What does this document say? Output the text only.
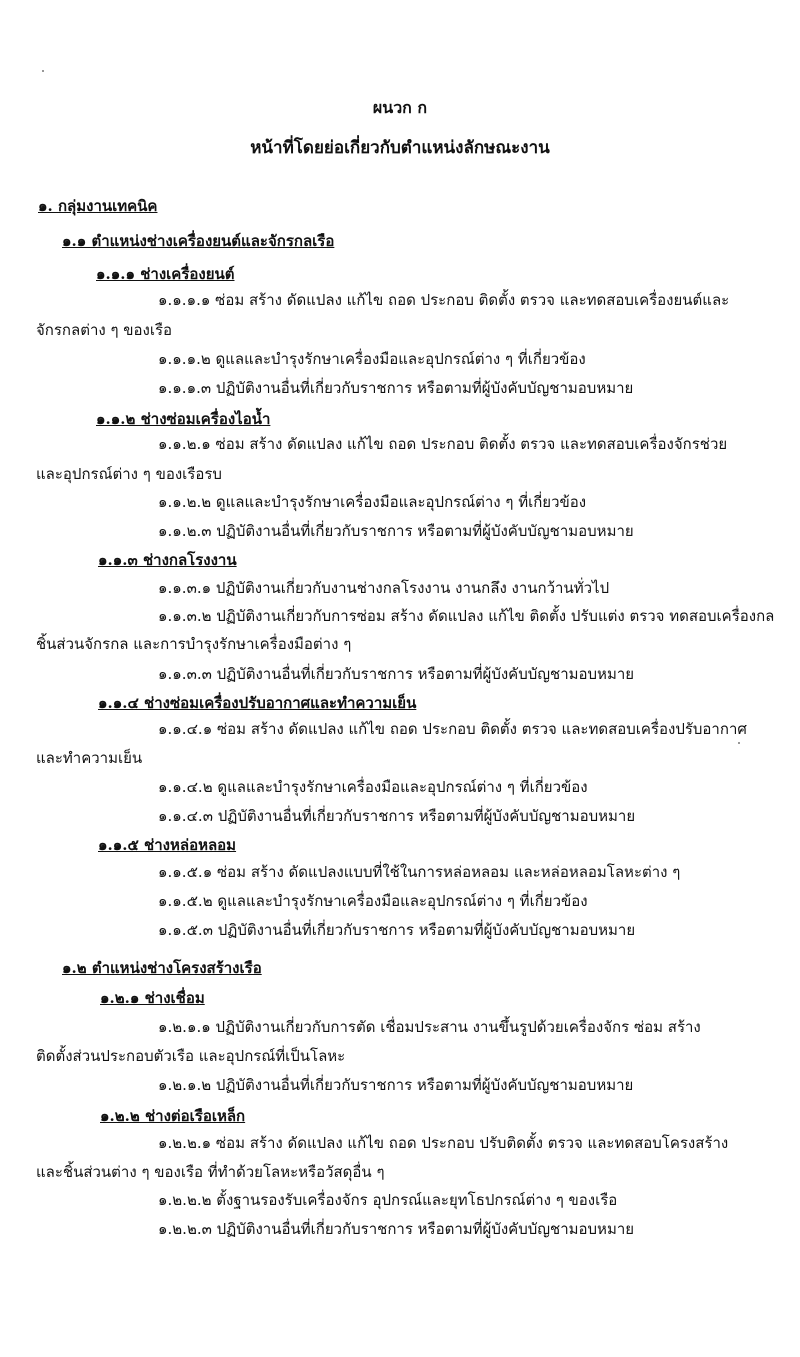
ผนวก ก
หน้าที่โดยย่อเกี่ยวกับตำแหน่งลักษณะงาน
๑. กลุ่มงานเทคนิค
๑.๑ ตำแหน่งช่างเครื่องยนต์และจักรกลเรือ
๑.๑.๑ ช่างเครื่องยนต์
๑.๑.๑.๑ ซ่อม สร้าง ดัดแปลง แก้ไข ถอด ประกอบ ติดตั้ง ตรวจ และทดสอบเครื่องยนต์และ
จักรกลต่าง ๆ ของเรือ
๑.๑.๑.๒ ดูแลและบำรุงรักษาเครื่องมือและอุปกรณ์ต่าง ๆ ที่เกี่ยวข้อง
๑.๑.๑.๓ ปฏิบัติงานอื่นที่เกี่ยวกับราชการ หรือตามที่ผู้บังคับบัญชามอบหมาย
๑.๑.๒ ช่างซ่อมเครื่องไอน้ำ
๑.๑.๒.๑ ซ่อม สร้าง ดัดแปลง แก้ไข ถอด ประกอบ ติดตั้ง ตรวจ และทดสอบเครื่องจักรช่วย
และอุปกรณ์ต่าง ๆ ของเรือรบ
๑.๑.๒.๒ ดูแลและบำรุงรักษาเครื่องมือและอุปกรณ์ต่าง ๆ ที่เกี่ยวข้อง
๑.๑.๒.๓ ปฏิบัติงานอื่นที่เกี่ยวกับราชการ หรือตามที่ผู้บังคับบัญชามอบหมาย
๑.๑.๓ ช่างกลโรงงาน
๑.๑.๓.๑ ปฏิบัติงานเกี่ยวกับงานช่างกลโรงงาน งานกลึง งานกว้านทั่วไป
๑.๑.๓.๒ ปฏิบัติงานเกี่ยวกับการซ่อม สร้าง ดัดแปลง แก้ไข ติดตั้ง ปรับแต่ง ตรวจ ทดสอบเครื่องกล
ชิ้นส่วนจักรกล และการบำรุงรักษาเครื่องมือต่าง ๆ
๑.๑.๓.๓ ปฏิบัติงานอื่นที่เกี่ยวกับราชการ หรือตามที่ผู้บังคับบัญชามอบหมาย
๑.๑.๔ ช่างซ่อมเครื่องปรับอากาศและทำความเย็น
๑.๑.๔.๑ ซ่อม สร้าง ดัดแปลง แก้ไข ถอด ประกอบ ติดตั้ง ตรวจ และทดสอบเครื่องปรับอากาศ
และทำความเย็น
๑.๑.๔.๒ ดูแลและบำรุงรักษาเครื่องมือและอุปกรณ์ต่าง ๆ ที่เกี่ยวข้อง
๑.๑.๔.๓ ปฏิบัติงานอื่นที่เกี่ยวกับราชการ หรือตามที่ผู้บังคับบัญชามอบหมาย
๑.๑.๕ ช่างหล่อหลอม
๑.๑.๕.๑ ซ่อม สร้าง ดัดแปลงแบบที่ใช้ในการหล่อหลอม และหล่อหลอมโลหะต่าง ๆ
๑.๑.๕.๒ ดูแลและบำรุงรักษาเครื่องมือและอุปกรณ์ต่าง ๆ ที่เกี่ยวข้อง
๑.๑.๕.๓ ปฏิบัติงานอื่นที่เกี่ยวกับราชการ หรือตามที่ผู้บังคับบัญชามอบหมาย
๑.๒ ตำแหน่งช่างโครงสร้างเรือ
๑.๒.๑ ช่างเชื่อม
๑.๒.๑.๑ ปฏิบัติงานเกี่ยวกับการตัด เชื่อมประสาน งานขึ้นรูปด้วยเครื่องจักร ซ่อม สร้าง
ติดตั้งส่วนประกอบตัวเรือ และอุปกรณ์ที่เป็นโลหะ
๑.๒.๑.๒ ปฏิบัติงานอื่นที่เกี่ยวกับราชการ หรือตามที่ผู้บังคับบัญชามอบหมาย
๑.๒.๒ ช่างต่อเรือเหล็ก
๑.๒.๒.๑ ซ่อม สร้าง ดัดแปลง แก้ไข ถอด ประกอบ ปรับติดตั้ง ตรวจ และทดสอบโครงสร้าง
และชิ้นส่วนต่าง ๆ ของเรือ ที่ทำด้วยโลหะหรือวัสดุอื่น ๆ
๑.๒.๒.๒ ตั้งฐานรองรับเครื่องจักร อุปกรณ์และยุทโธปกรณ์ต่าง ๆ ของเรือ
๑.๒.๒.๓ ปฏิบัติงานอื่นที่เกี่ยวกับราชการ หรือตามที่ผู้บังคับบัญชามอบหมาย
